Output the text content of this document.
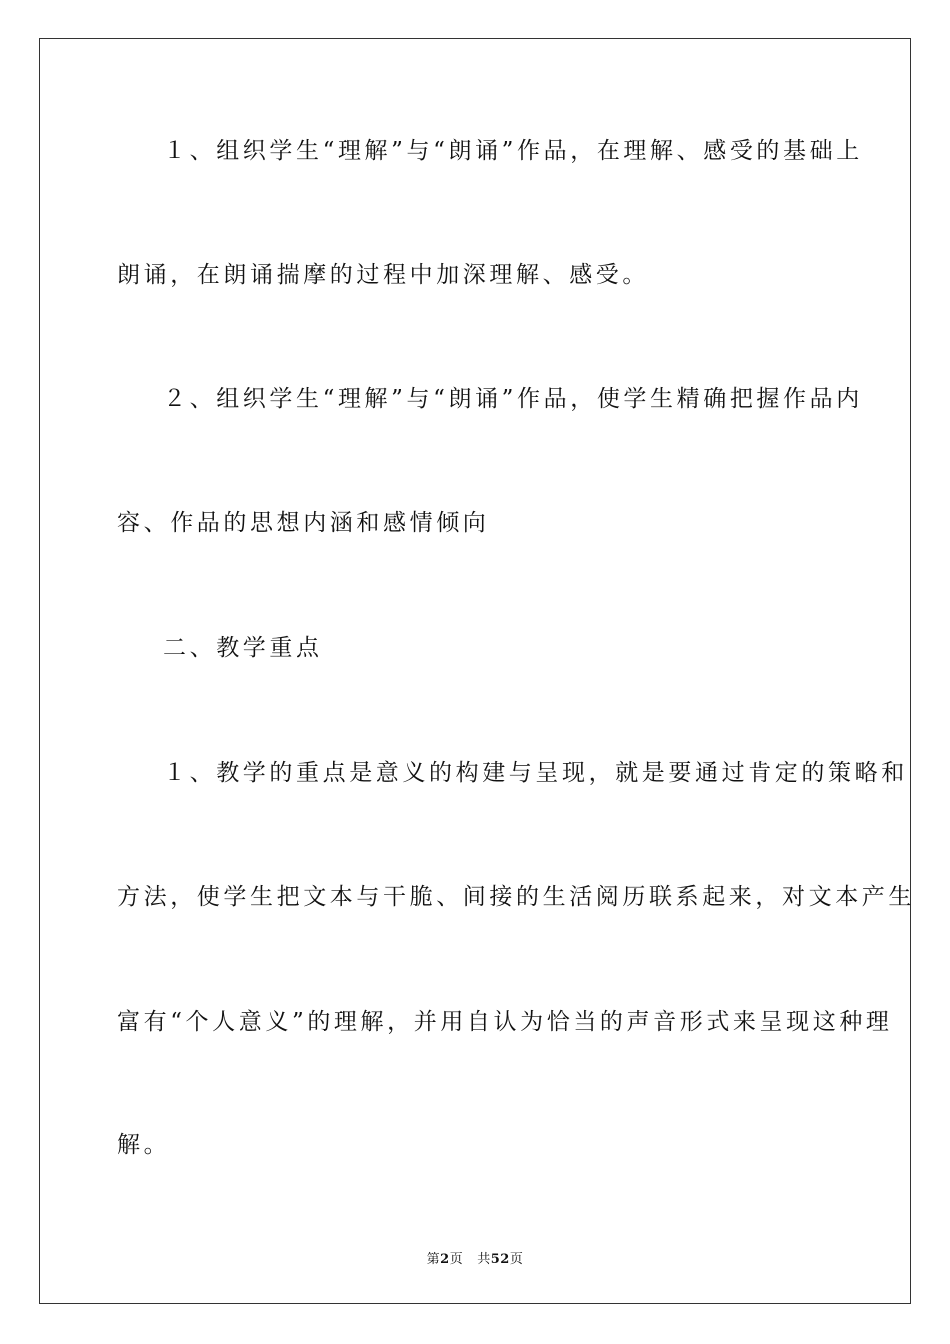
１、组织学生“理解”与“朗诵”作品，在理解、感受的基础上
朗诵，在朗诵揣摩的过程中加深理解、感受。
２、组织学生“理解”与“朗诵”作品，使学生精确把握作品内
容、作品的思想内涵和感情倾向
二、教学重点
１、教学的重点是意义的构建与呈现，就是要通过肯定的策略和
方法，使学生把文本与干脆、间接的生活阅历联系起来，对文本产生
富有“个人意义”的理解，并用自认为恰当的声音形式来呈现这种理
解。
第2页 共52页
